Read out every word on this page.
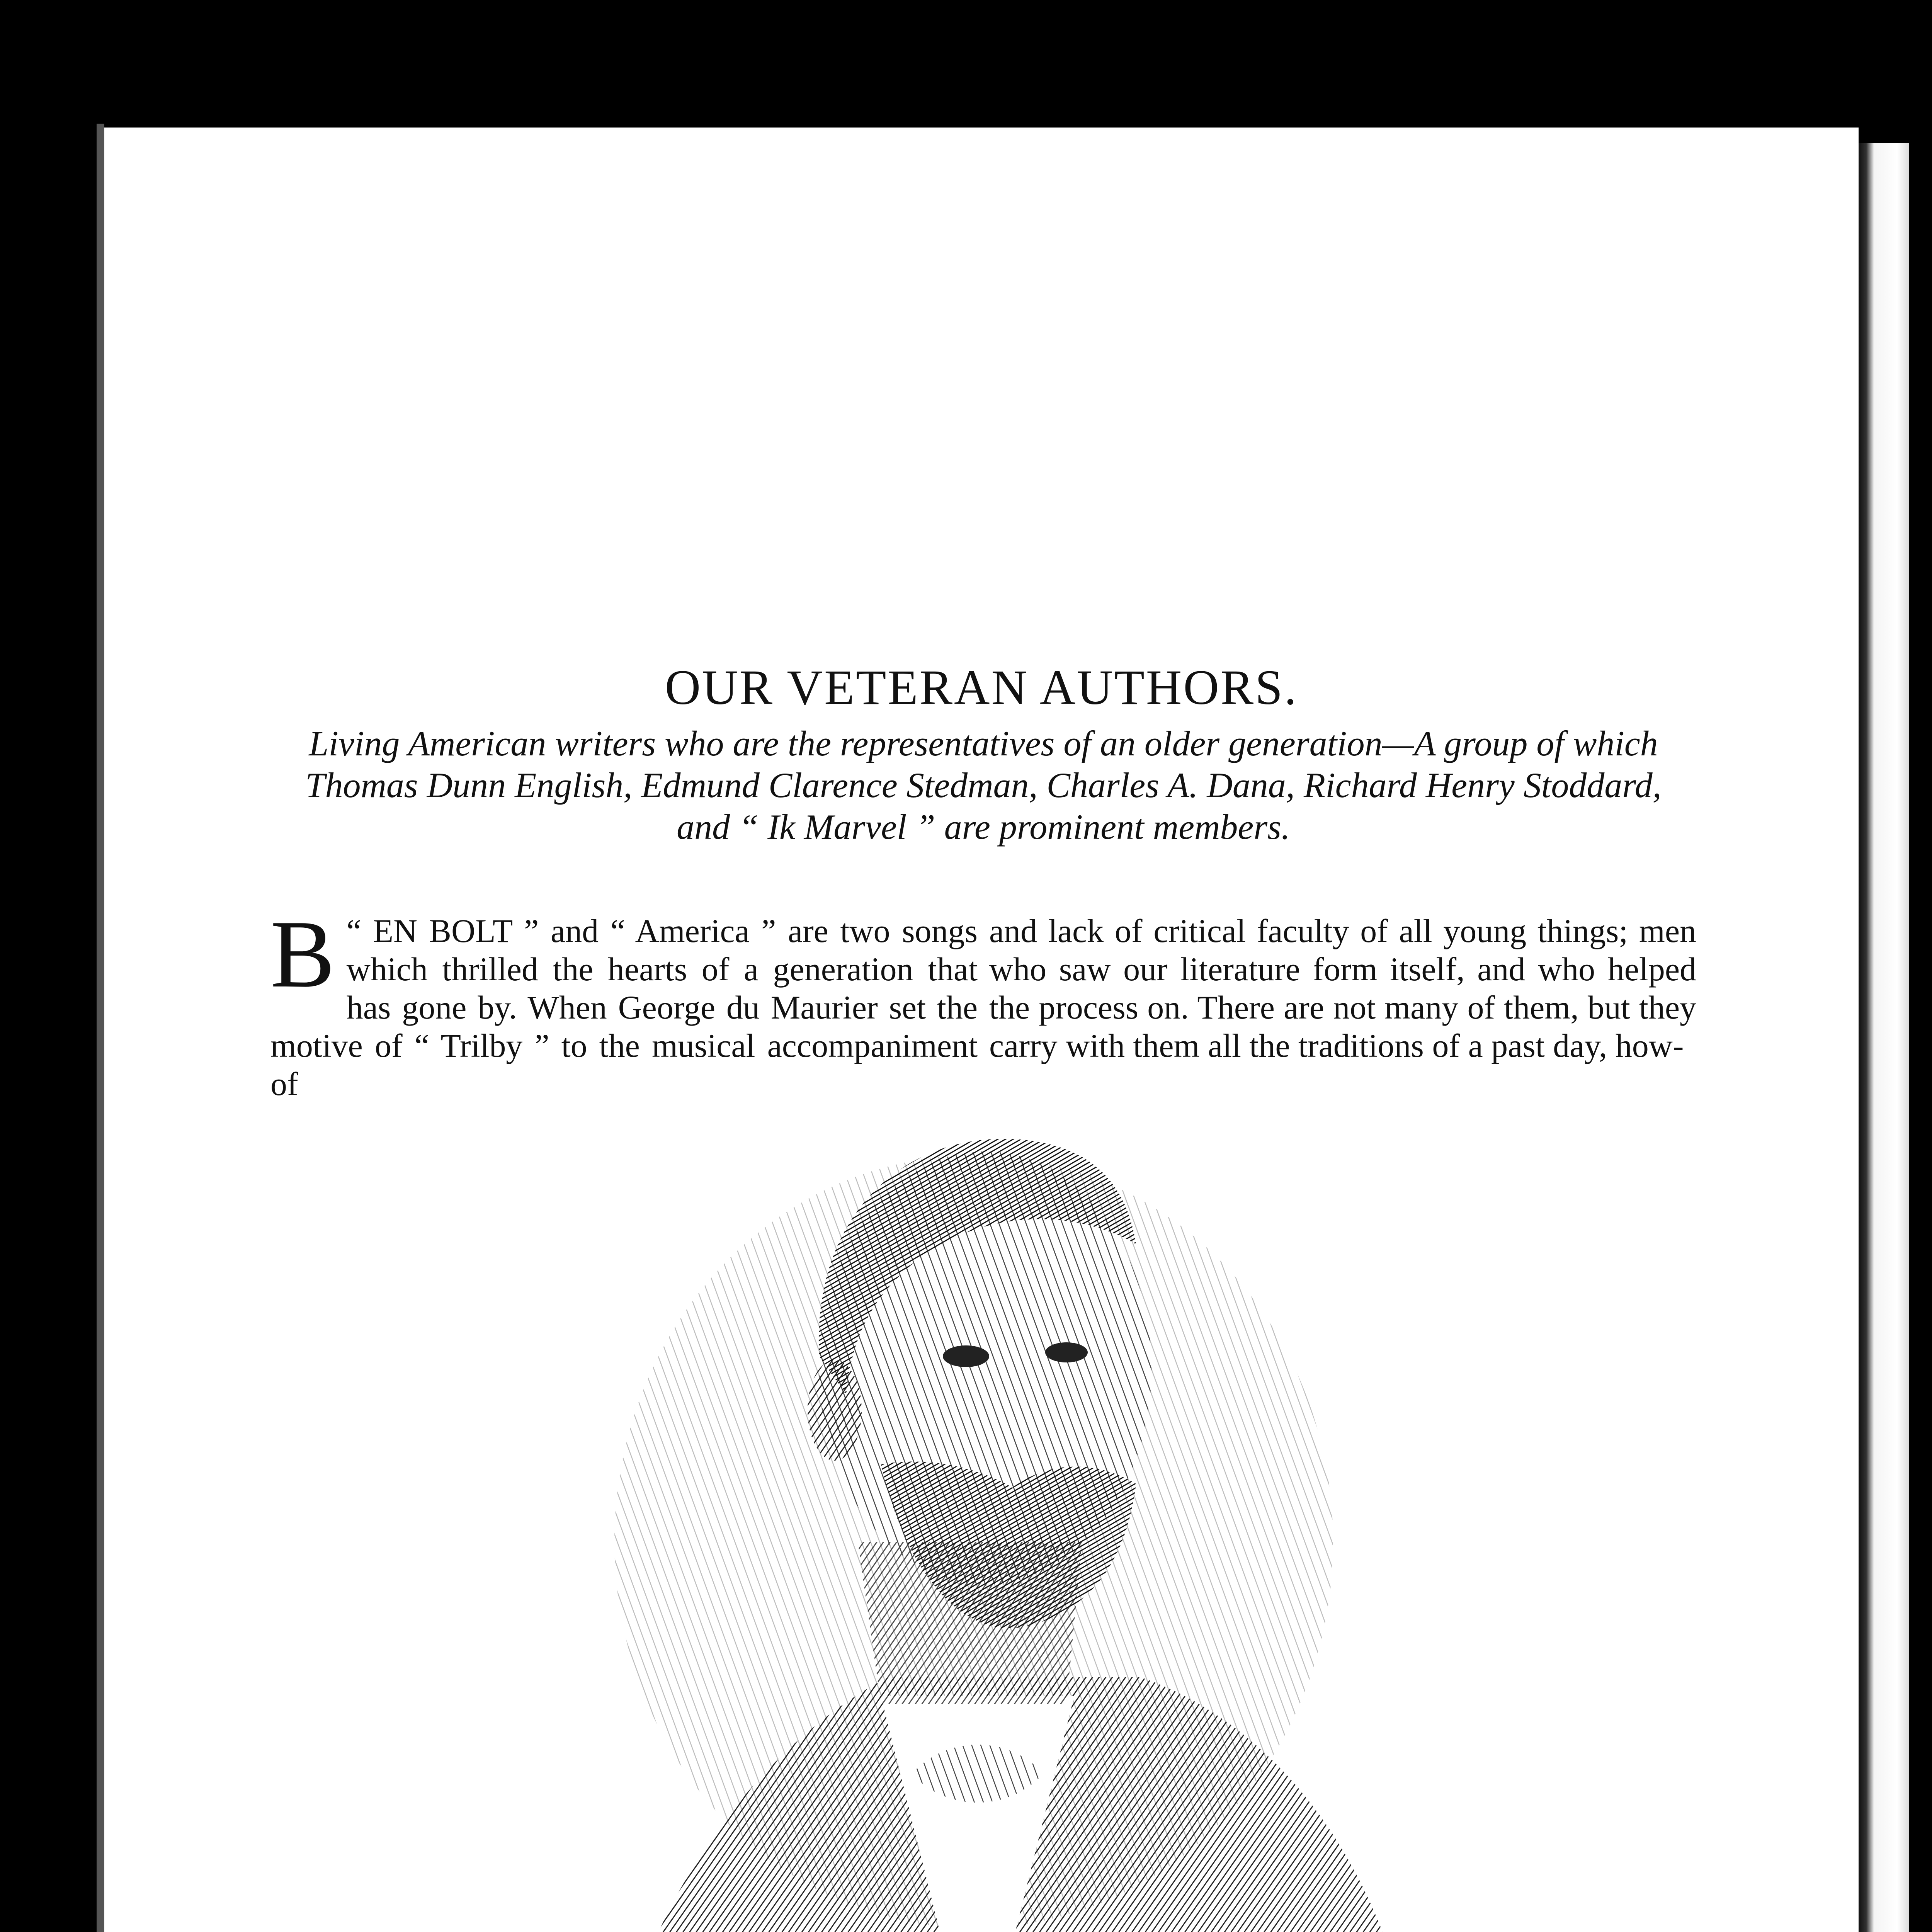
OUR VETERAN AUTHORS.
Living American writers who are the representatives of an older generation—A group of which Thomas Dunn English, Edmund Clarence Stedman, Charles A. Dana, Richard Henry Stoddard, and “ Ik Marvel ” are prominent members.

“
B EN BOLT ” and “ America ” are two songs which thrilled the hearts of a generation that has gone by. When George du Maurier set the motive of “ Trilby ” to the musical accompaniment of

and lack of critical faculty of all young things; men who saw our literature form itself, and who helped the process on. There are not many of them, but they carry with them all the traditions of a past day, how-
